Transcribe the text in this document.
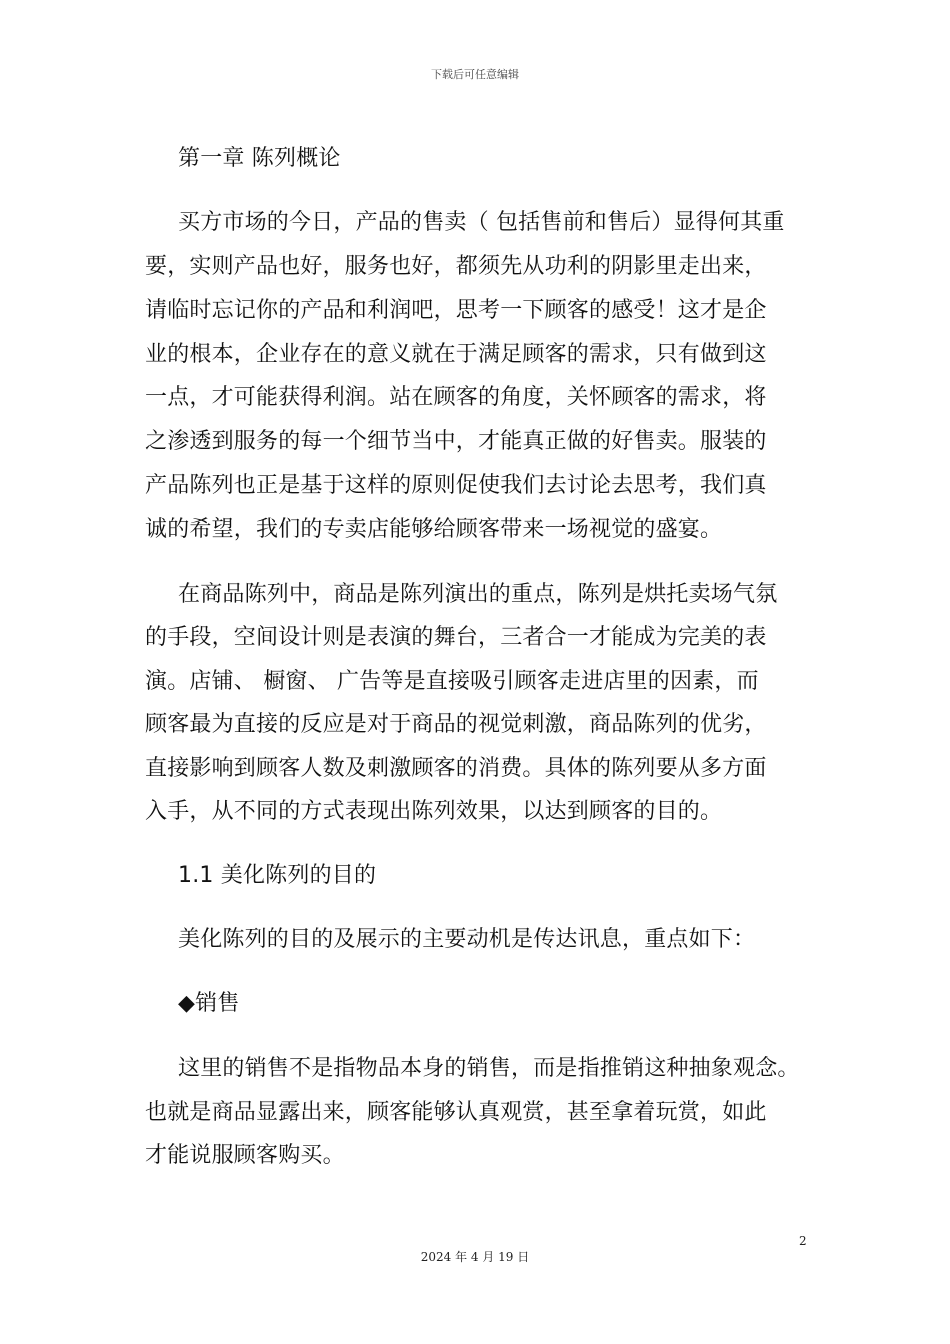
下载后可任意编辑
第一章 陈列概论
买方市场的今日，产品的售卖（ 包括售前和售后）显得何其重
要，实则产品也好，服务也好，都须先从功利的阴影里走出来，
请临时忘记你的产品和利润吧，思考一下顾客的感受！这才是企
业的根本，企业存在的意义就在于满足顾客的需求，只有做到这
一点，才可能获得利润。站在顾客的角度，关怀顾客的需求，将
之渗透到服务的每一个细节当中，才能真正做的好售卖。服装的
产品陈列也正是基于这样的原则促使我们去讨论去思考，我们真
诚的希望，我们的专卖店能够给顾客带来一场视觉的盛宴。
在商品陈列中，商品是陈列演出的重点，陈列是烘托卖场气氛
的手段，空间设计则是表演的舞台，三者合一才能成为完美的表
演。店铺、 橱窗、 广告等是直接吸引顾客走进店里的因素，而
顾客最为直接的反应是对于商品的视觉刺激，商品陈列的优劣，
直接影响到顾客人数及刺激顾客的消费。具体的陈列要从多方面
入手，从不同的方式表现出陈列效果，以达到顾客的目的。
1.1 美化陈列的目的
美化陈列的目的及展示的主要动机是传达讯息，重点如下：
◆销售
这里的销售不是指物品本身的销售，而是指推销这种抽象观念。
也就是商品显露出来，顾客能够认真观赏，甚至拿着玩赏，如此
才能说服顾客购买。
2
2024 年 4 月 19 日
